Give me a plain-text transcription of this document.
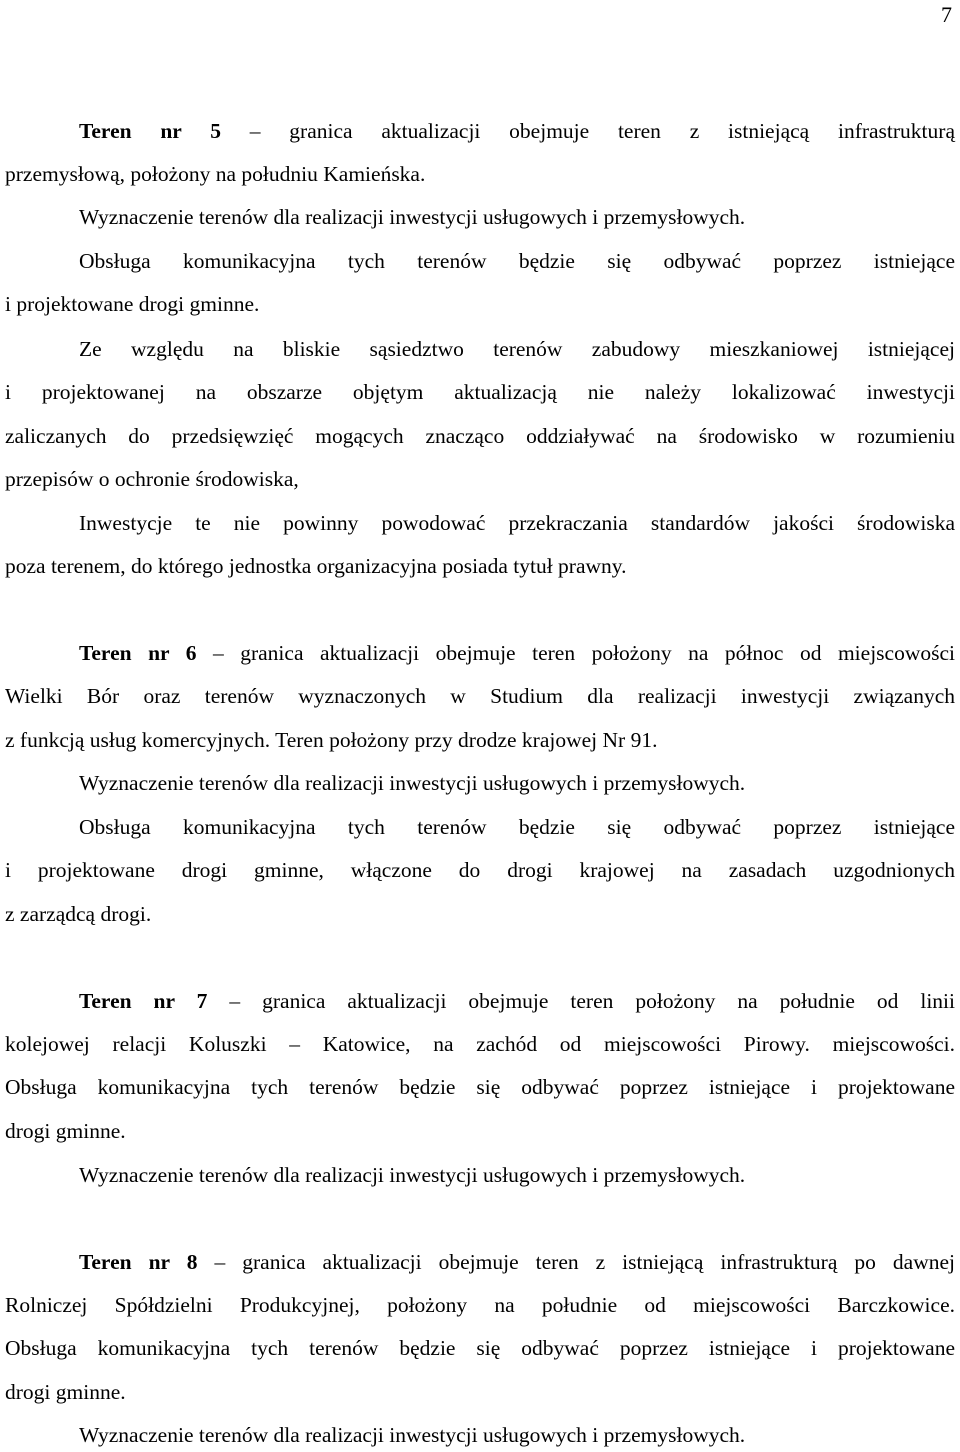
7
Teren nr 5 – granica aktualizacji obejmuje teren z istniejącą infrastrukturą
przemysłową, położony na południu Kamieńska.
Wyznaczenie terenów dla realizacji inwestycji usługowych i przemysłowych.
Obsługa komunikacyjna tych terenów będzie się odbywać poprzez istniejące
i projektowane drogi gminne.
Ze względu na bliskie sąsiedztwo terenów zabudowy mieszkaniowej istniejącej
i projektowanej na obszarze objętym aktualizacją nie należy lokalizować inwestycji
zaliczanych do przedsięwzięć mogących znacząco oddziaływać na środowisko w rozumieniu
przepisów o ochronie środowiska,
Inwestycje te nie powinny powodować przekraczania standardów jakości środowiska
poza terenem, do którego jednostka organizacyjna posiada tytuł prawny.
Teren nr 6 – granica aktualizacji obejmuje teren położony na północ od miejscowości
Wielki Bór oraz terenów wyznaczonych w Studium dla realizacji inwestycji związanych
z funkcją usług komercyjnych. Teren położony przy drodze krajowej Nr 91.
Wyznaczenie terenów dla realizacji inwestycji usługowych i przemysłowych.
Obsługa komunikacyjna tych terenów będzie się odbywać poprzez istniejące
i projektowane drogi gminne, włączone do drogi krajowej na zasadach uzgodnionych
z zarządcą drogi.
Teren nr 7 – granica aktualizacji obejmuje teren położony na południe od linii
kolejowej relacji Koluszki – Katowice, na zachód od miejscowości Pirowy. miejscowości.
Obsługa komunikacyjna tych terenów będzie się odbywać poprzez istniejące i projektowane
drogi gminne.
Wyznaczenie terenów dla realizacji inwestycji usługowych i przemysłowych.
Teren nr 8 – granica aktualizacji obejmuje teren z istniejącą infrastrukturą po dawnej
Rolniczej Spółdzielni Produkcyjnej, położony na południe od miejscowości Barczkowice.
Obsługa komunikacyjna tych terenów będzie się odbywać poprzez istniejące i projektowane
drogi gminne.
Wyznaczenie terenów dla realizacji inwestycji usługowych i przemysłowych.
